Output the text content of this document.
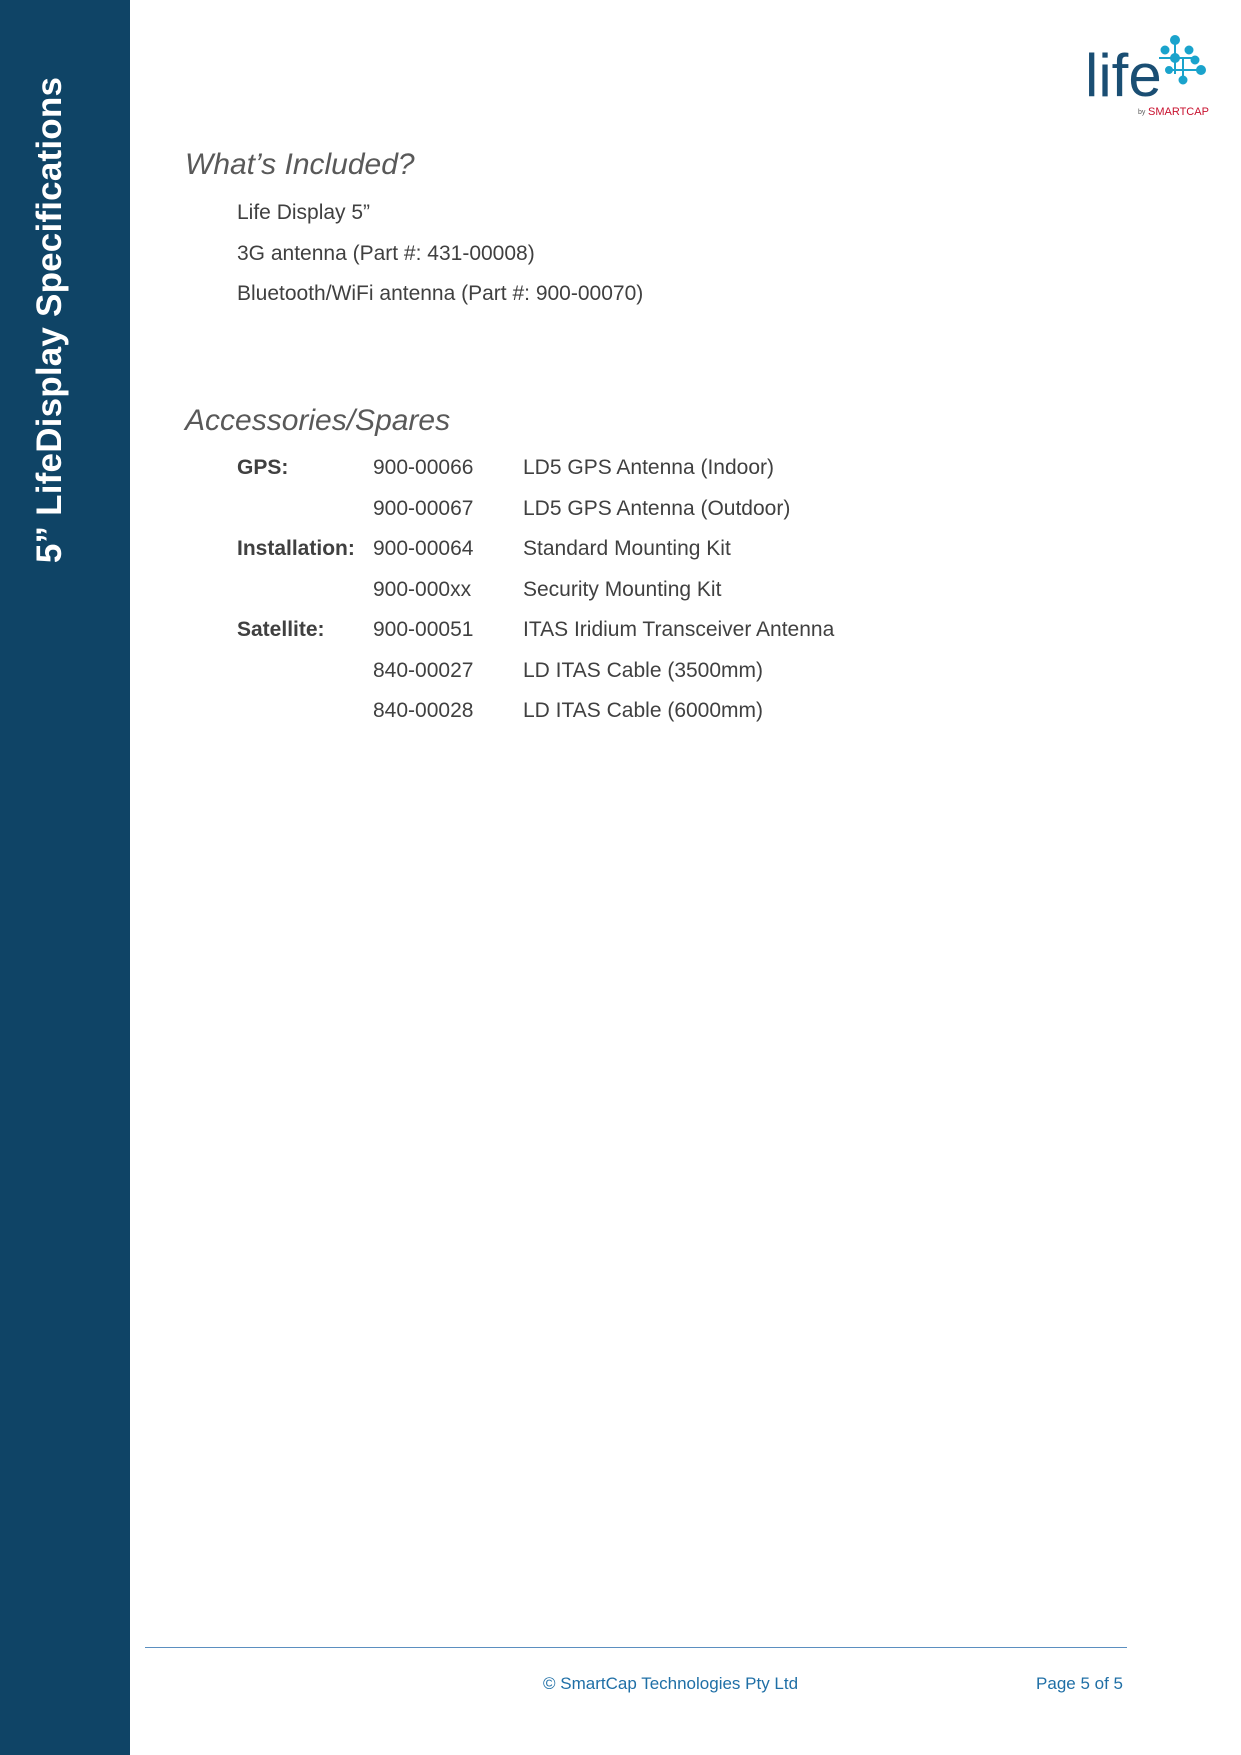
5” LifeDisplay Specifications
life
by SMARTCAP
What’s Included?
Life Display 5”
3G antenna (Part #: 431-00008)
Bluetooth/WiFi antenna (Part #: 900-00070)
Accessories/Spares
GPS:	900-00066	LD5 GPS Antenna (Indoor)
	900-00067	LD5 GPS Antenna (Outdoor)
Installation:	900-00064	Standard Mounting Kit
	900-000xx	Security Mounting Kit
Satellite:	900-00051	ITAS Iridium Transceiver Antenna
	840-00027	LD ITAS Cable (3500mm)
	840-00028	LD ITAS Cable (6000mm)
© SmartCap Technologies Pty Ltd	Page 5 of 5
